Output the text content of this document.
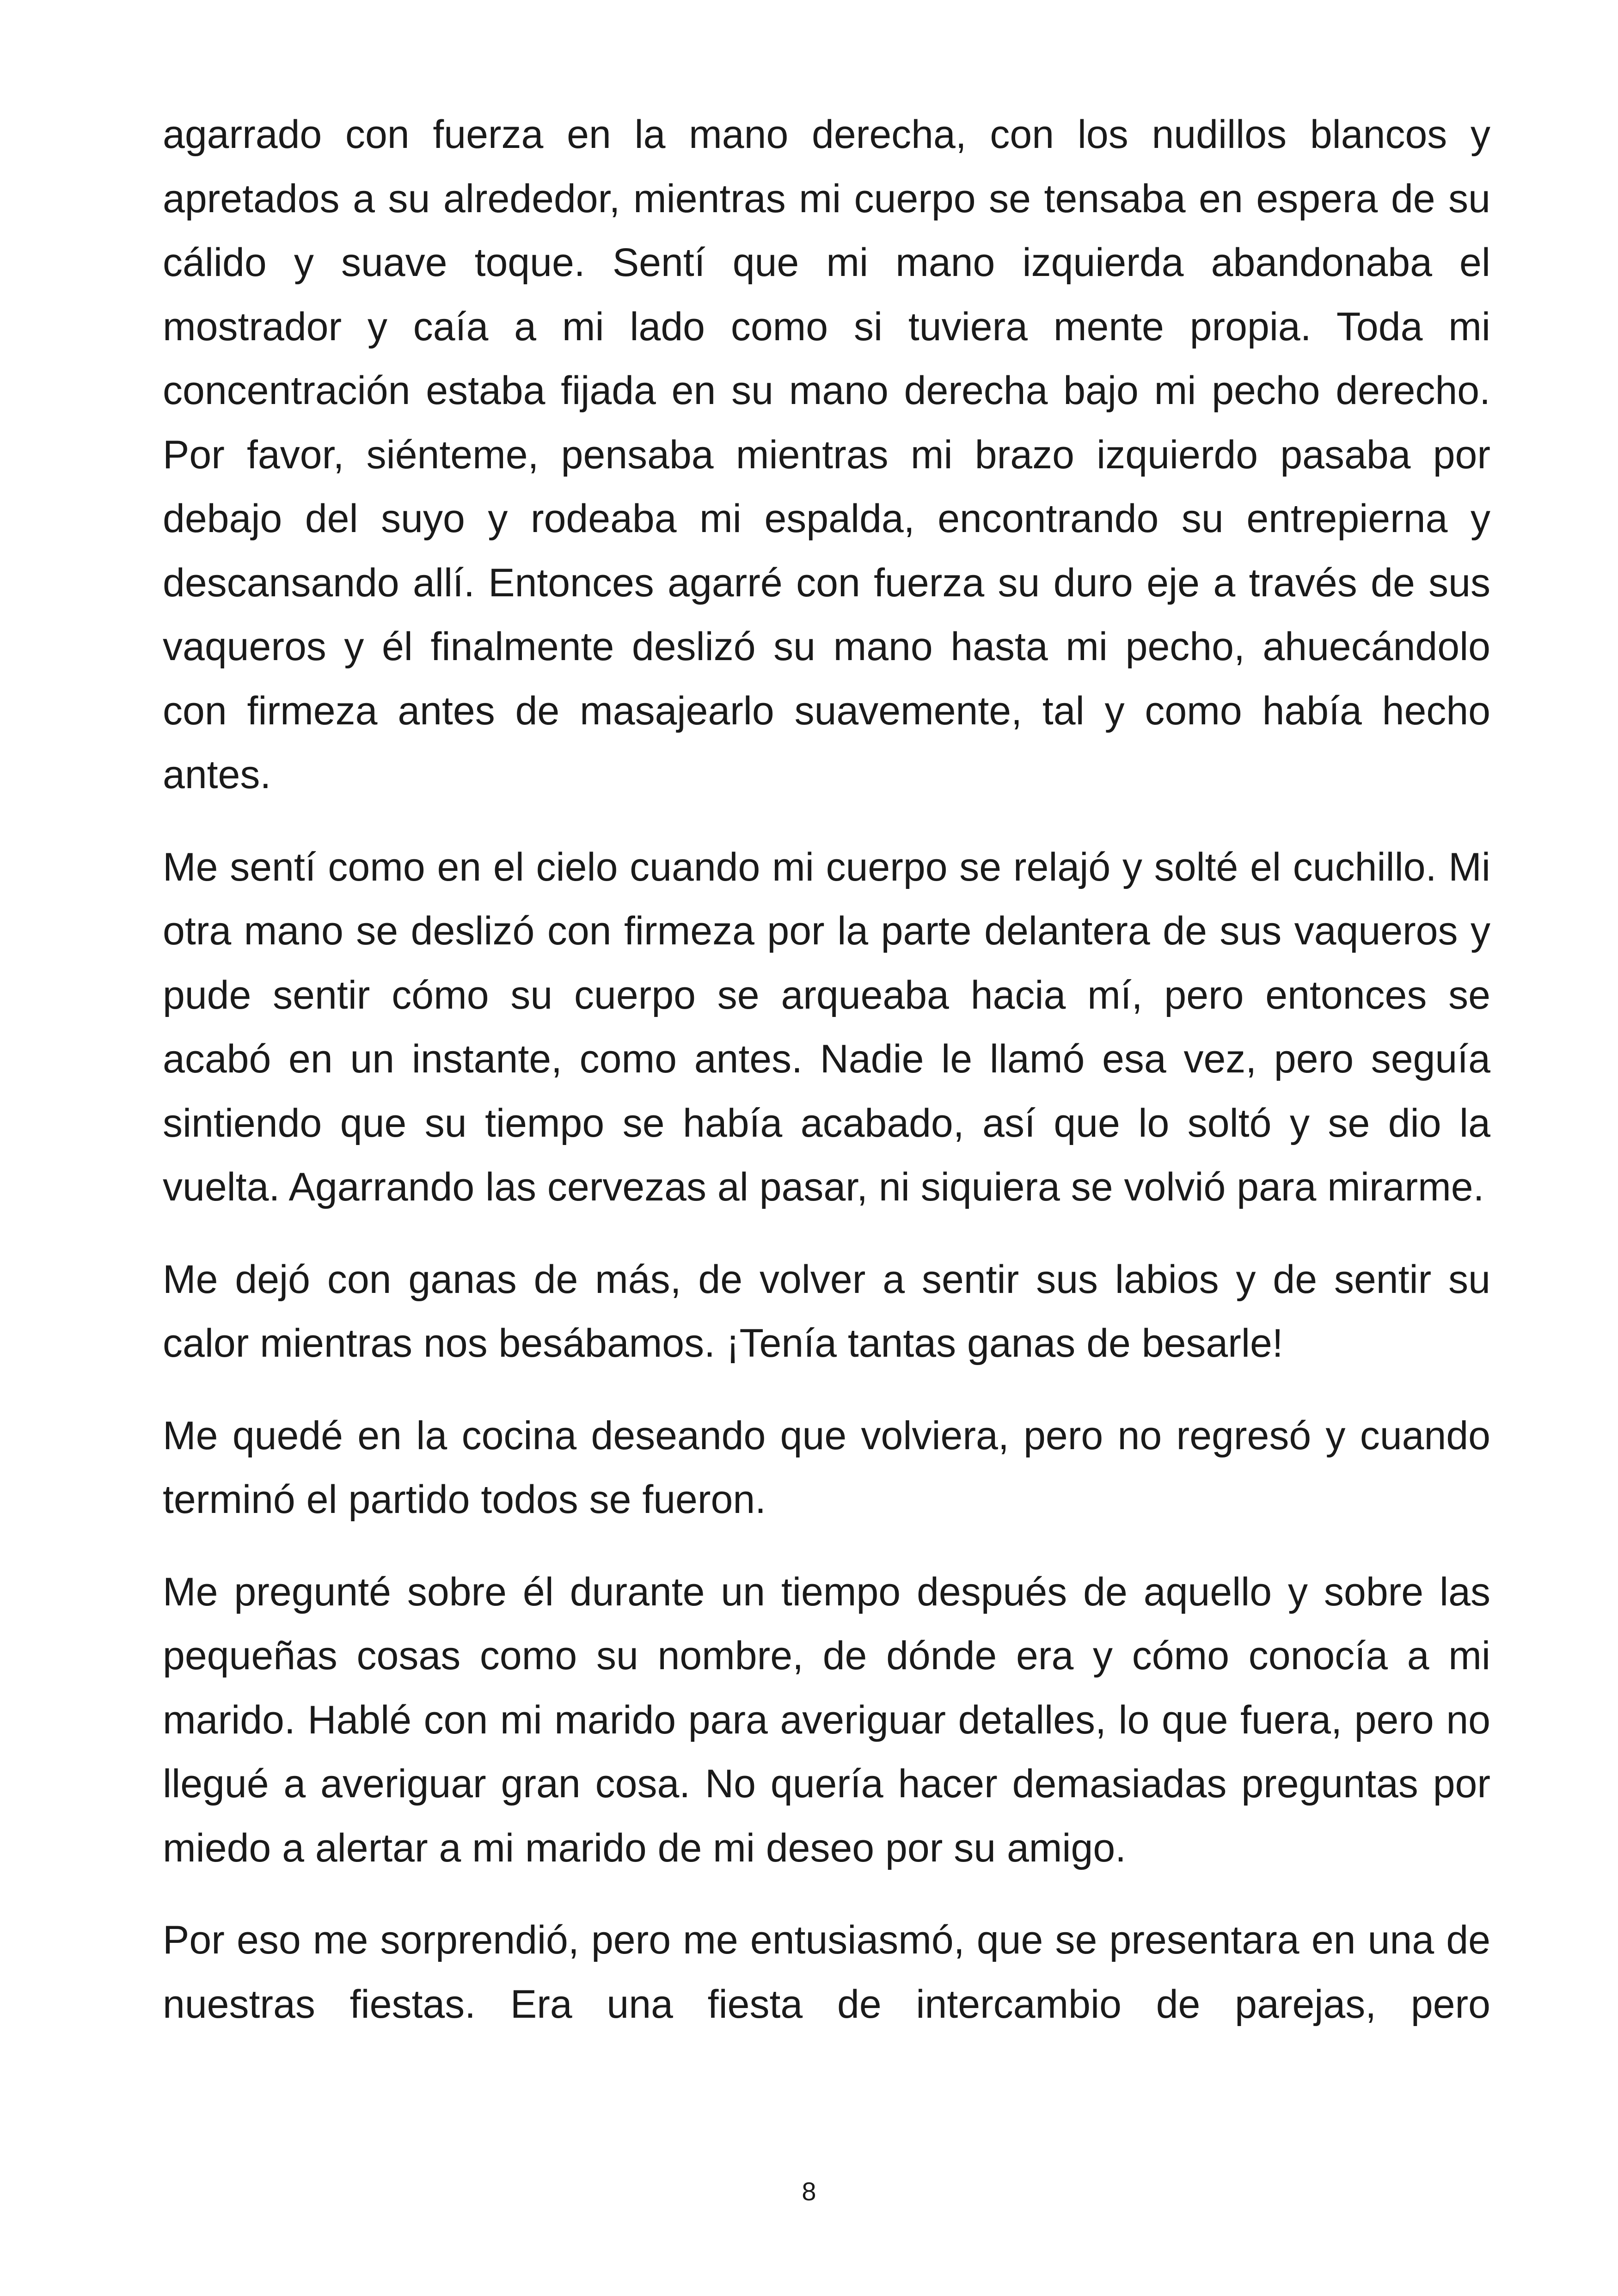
agarrado con fuerza en la mano derecha, con los nudillos blancos y apretados a su alrededor, mientras mi cuerpo se tensaba en espera de su cálido y suave toque. Sentí que mi mano izquierda abandonaba el mostrador y caía a mi lado como si tuviera mente propia. Toda mi concentración estaba fijada en su mano derecha bajo mi pecho derecho. Por favor, siénteme, pensaba mientras mi brazo izquierdo pasaba por debajo del suyo y rodeaba mi espalda, encontrando su entrepierna y descansando allí. Entonces agarré con fuerza su duro eje a través de sus vaqueros y él finalmente deslizó su mano hasta mi pecho, ahuecándolo con firmeza antes de masajearlo suavemente, tal y como había hecho antes.

Me sentí como en el cielo cuando mi cuerpo se relajó y solté el cuchillo. Mi otra mano se deslizó con firmeza por la parte delantera de sus vaqueros y pude sentir cómo su cuerpo se arqueaba hacia mí, pero entonces se acabó en un instante, como antes. Nadie le llamó esa vez, pero seguía sintiendo que su tiempo se había acabado, así que lo soltó y se dio la vuelta. Agarrando las cervezas al pasar, ni siquiera se volvió para mirarme.

Me dejó con ganas de más, de volver a sentir sus labios y de sentir su calor mientras nos besábamos. ¡Tenía tantas ganas de besarle!

Me quedé en la cocina deseando que volviera, pero no regresó y cuando terminó el partido todos se fueron.

Me pregunté sobre él durante un tiempo después de aquello y sobre las pequeñas cosas como su nombre, de dónde era y cómo conocía a mi marido. Hablé con mi marido para averiguar detalles, lo que fuera, pero no llegué a averiguar gran cosa. No quería hacer demasiadas preguntas por miedo a alertar a mi marido de mi deseo por su amigo.

Por eso me sorprendió, pero me entusiasmó, que se presentara en una de nuestras fiestas. Era una fiesta de intercambio de parejas, pero

8
